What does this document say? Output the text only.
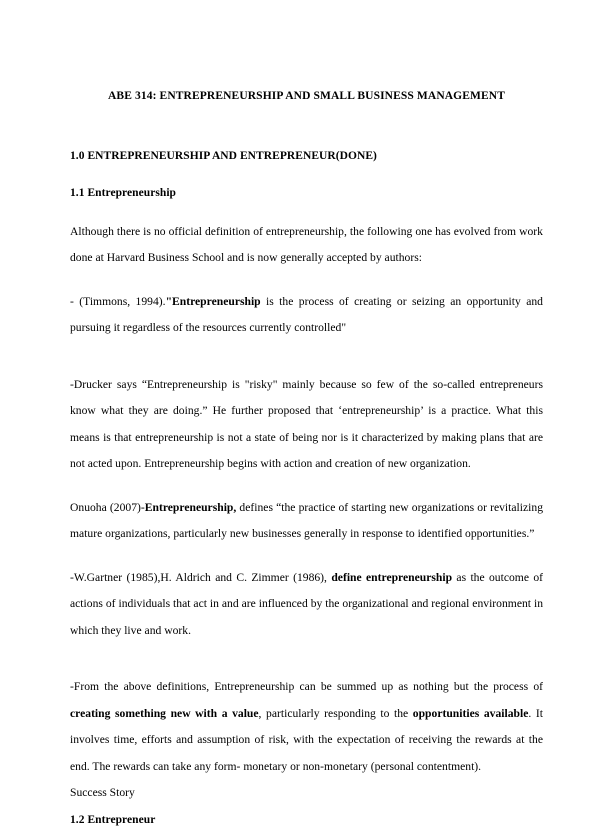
ABE 314: ENTREPRENEURSHIP AND SMALL BUSINESS MANAGEMENT
1.0 ENTREPRENEURSHIP AND ENTREPRENEUR(DONE)
1.1 Entrepreneurship

Although there is no official definition of entrepreneurship, the following one has evolved from work done at Harvard Business School and is now generally accepted by authors:

- (Timmons, 1994)."Entrepreneurship is the process of creating or seizing an opportunity and pursuing it regardless of the resources currently controlled"

-Drucker says “Entrepreneurship is "risky" mainly because so few of the so-called entrepreneurs know what they are doing.” He further proposed that ‘entrepreneurship’ is a practice. What this means is that entrepreneurship is not a state of being nor is it characterized by making plans that are not acted upon. Entrepreneurship begins with action and creation of new organization.

Onuoha (2007)-Entrepreneurship, defines “the practice of starting new organizations or revitalizing mature organizations, particularly new businesses generally in response to identified opportunities.”

-W.Gartner (1985),H. Aldrich and C. Zimmer (1986), define entrepreneurship as the outcome of actions of individuals that act in and are influenced by the organizational and regional environment in which they live and work.

-From the above definitions, Entrepreneurship can be summed up as nothing but the process of creating something new with a value, particularly responding to the opportunities available. It involves time, efforts and assumption of risk, with the expectation of receiving the rewards at the end. The rewards can take any form- monetary or non-monetary (personal contentment).

Success Story

1.2 Entrepreneur
